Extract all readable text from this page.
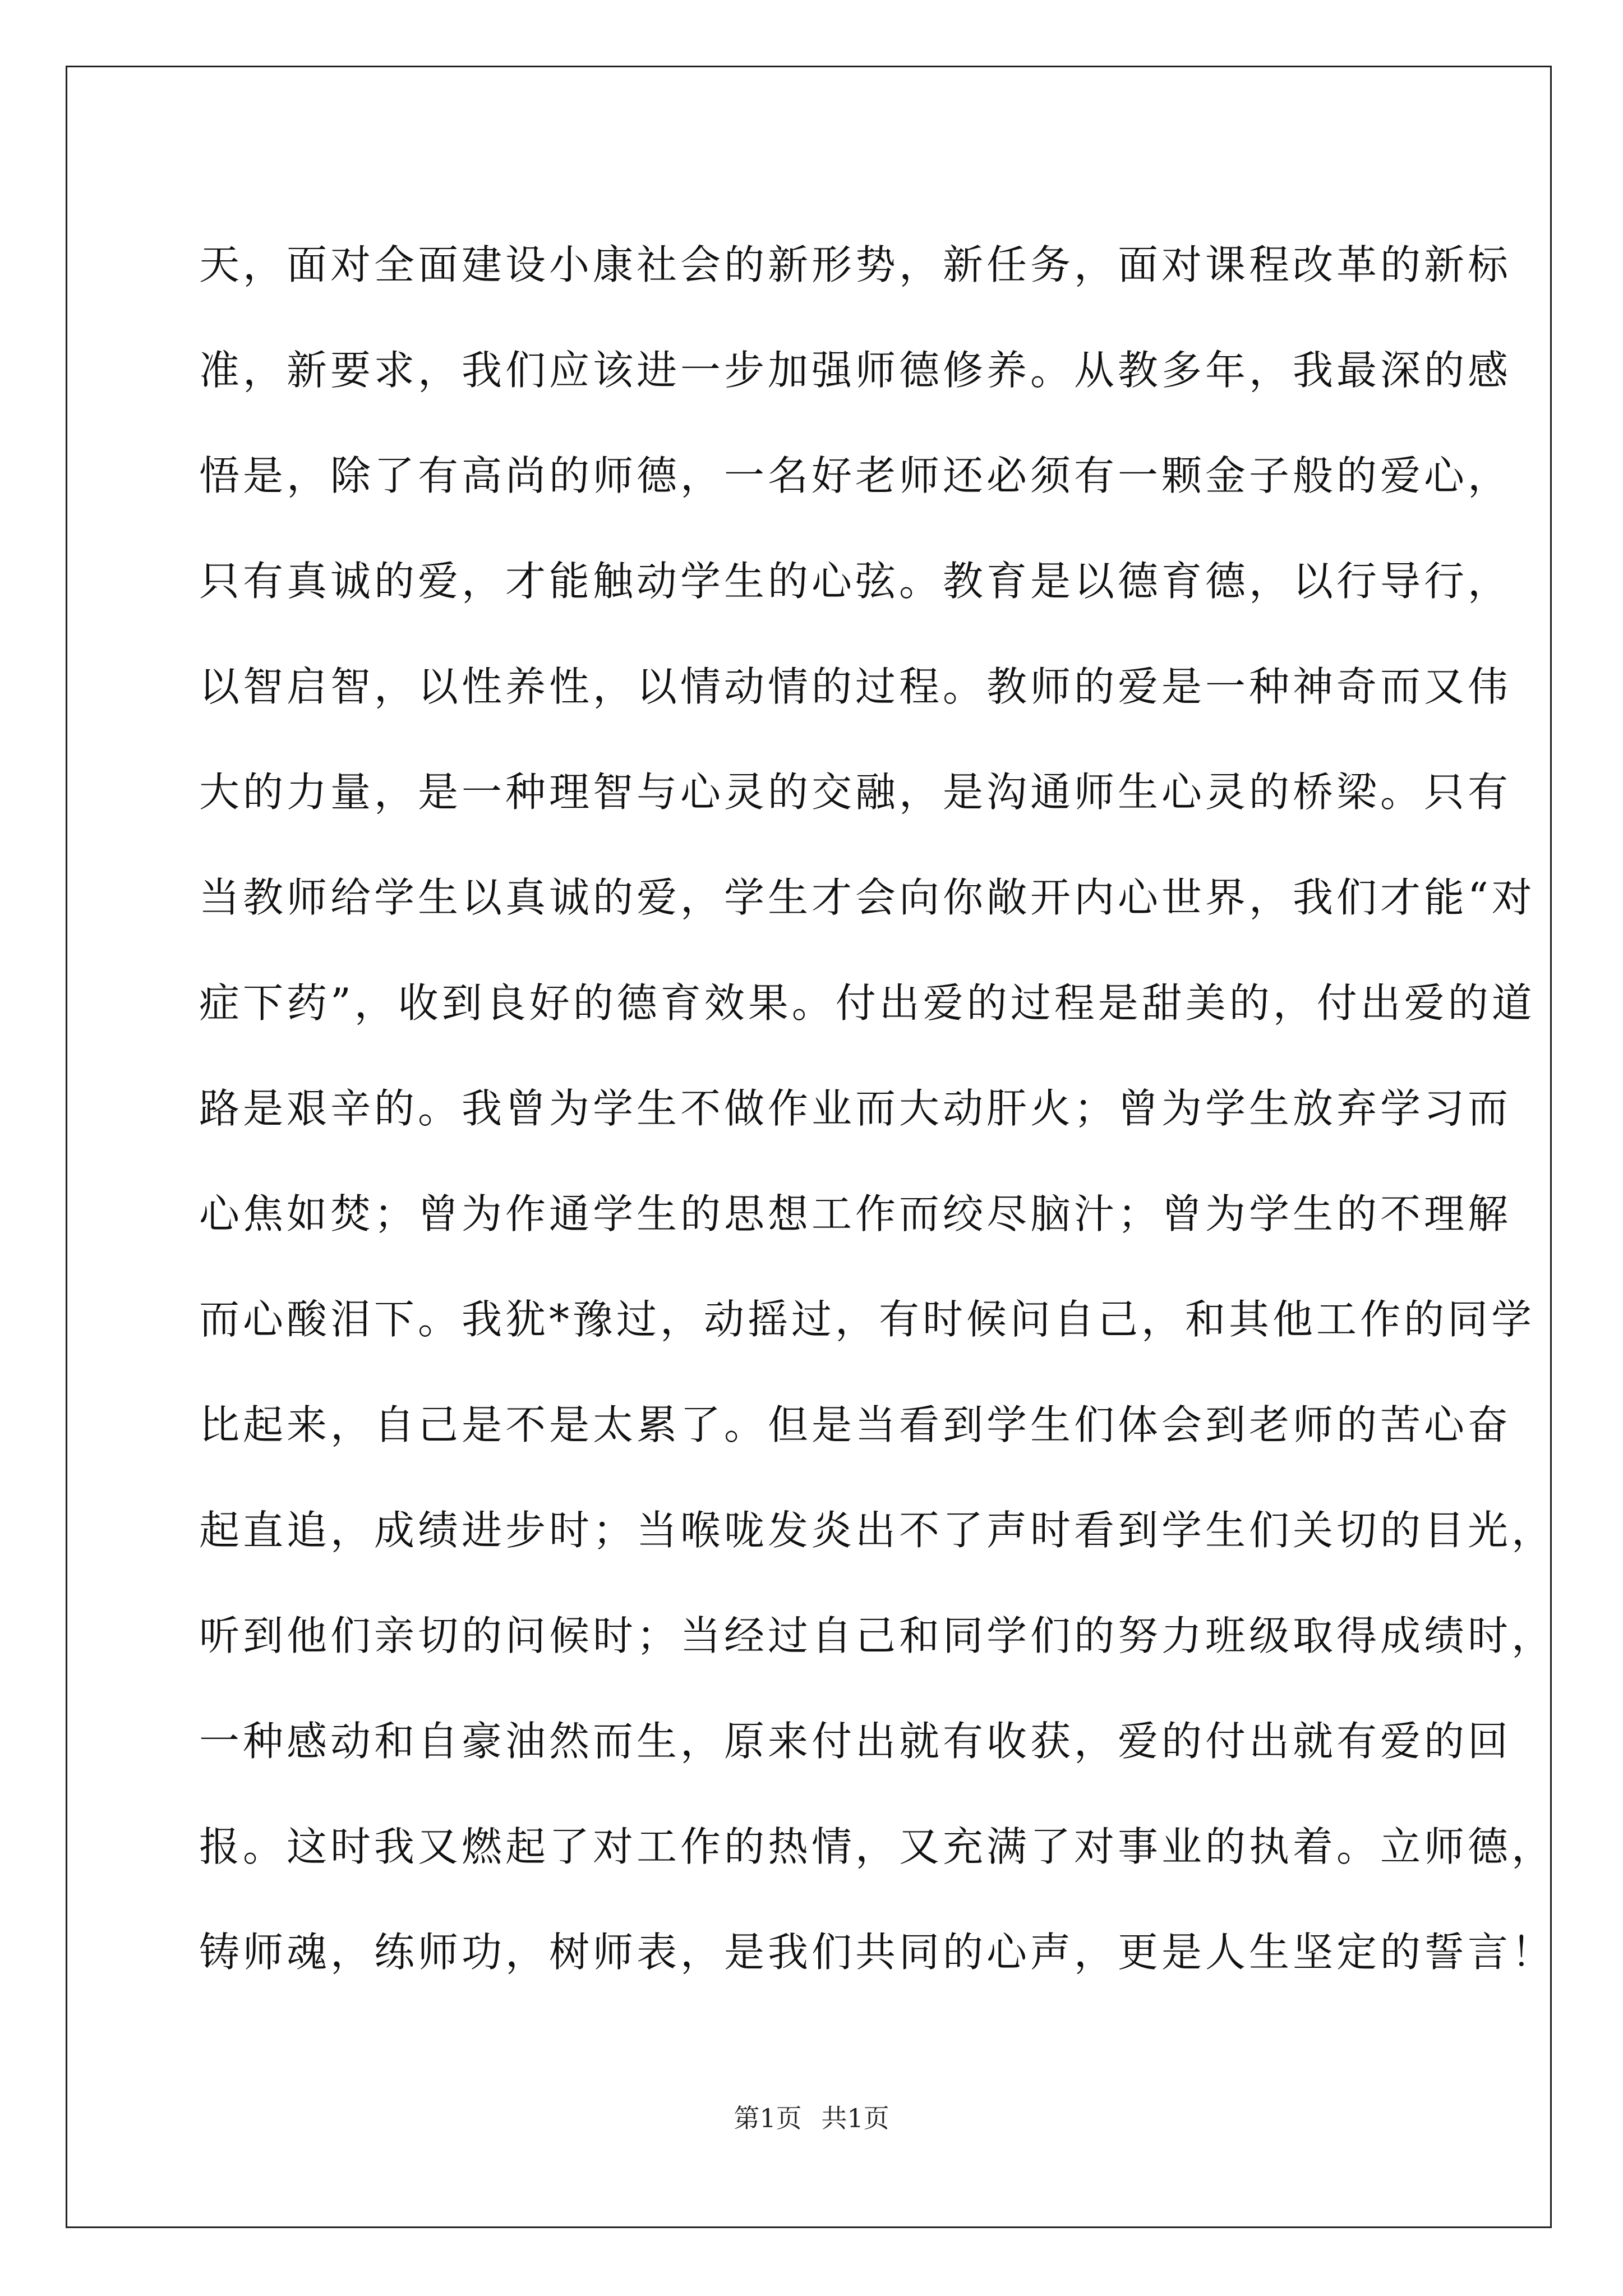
天，面对全面建设小康社会的新形势，新任务，面对课程改革的新标
准，新要求，我们应该进一步加强师德修养。从教多年，我最深的感
悟是，除了有高尚的师德，一名好老师还必须有一颗金子般的爱心，
只有真诚的爱，才能触动学生的心弦。教育是以德育德，以行导行，
以智启智，以性养性，以情动情的过程。教师的爱是一种神奇而又伟
大的力量，是一种理智与心灵的交融，是沟通师生心灵的桥梁。只有
当教师给学生以真诚的爱，学生才会向你敞开内心世界，我们才能“对
症下药”，收到良好的德育效果。付出爱的过程是甜美的，付出爱的道
路是艰辛的。我曾为学生不做作业而大动肝火；曾为学生放弃学习而
心焦如焚；曾为作通学生的思想工作而绞尽脑汁；曾为学生的不理解
而心酸泪下。我犹*豫过，动摇过，有时候问自己，和其他工作的同学
比起来，自己是不是太累了。但是当看到学生们体会到老师的苦心奋
起直追，成绩进步时；当喉咙发炎出不了声时看到学生们关切的目光，
听到他们亲切的问候时；当经过自己和同学们的努力班级取得成绩时，
一种感动和自豪油然而生，原来付出就有收获，爱的付出就有爱的回
报。这时我又燃起了对工作的热情，又充满了对事业的执着。立师德，
铸师魂，练师功，树师表，是我们共同的心声，更是人生坚定的誓言！
第1页 共1页
